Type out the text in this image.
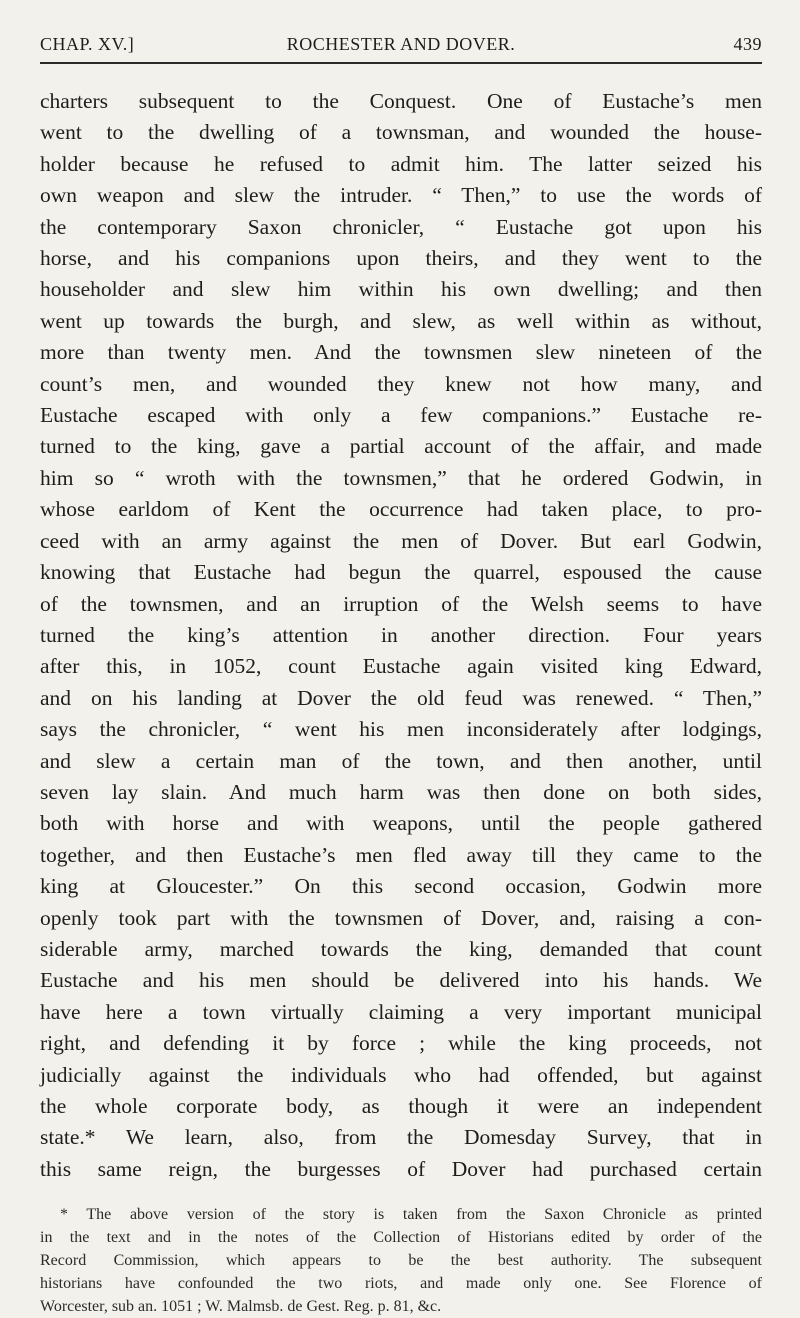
CHAP. XV.]	ROCHESTER AND DOVER.	439
charters subsequent to the Conquest. One of Eustache’s men
went to the dwelling of a townsman, and wounded the house-
holder because he refused to admit him. The latter seized his
own weapon and slew the intruder. “ Then,” to use the words of
the contemporary Saxon chronicler, “ Eustache got upon his
horse, and his companions upon theirs, and they went to the
householder and slew him within his own dwelling; and then
went up towards the burgh, and slew, as well within as without,
more than twenty men. And the townsmen slew nineteen of the
count’s men, and wounded they knew not how many, and
Eustache escaped with only a few companions.” Eustache re-
turned to the king, gave a partial account of the affair, and made
him so “ wroth with the townsmen,” that he ordered Godwin, in
whose earldom of Kent the occurrence had taken place, to pro-
ceed with an army against the men of Dover. But earl Godwin,
knowing that Eustache had begun the quarrel, espoused the cause
of the townsmen, and an irruption of the Welsh seems to have
turned the king’s attention in another direction. Four years
after this, in 1052, count Eustache again visited king Edward,
and on his landing at Dover the old feud was renewed. “ Then,”
says the chronicler, “ went his men inconsiderately after lodgings,
and slew a certain man of the town, and then another, until
seven lay slain. And much harm was then done on both sides,
both with horse and with weapons, until the people gathered
together, and then Eustache’s men fled away till they came to the
king at Gloucester.” On this second occasion, Godwin more
openly took part with the townsmen of Dover, and, raising a con-
siderable army, marched towards the king, demanded that count
Eustache and his men should be delivered into his hands. We
have here a town virtually claiming a very important municipal
right, and defending it by force ; while the king proceeds, not
judicially against the individuals who had offended, but against
the whole corporate body, as though it were an independent
state.* We learn, also, from the Domesday Survey, that in
this same reign, the burgesses of Dover had purchased certain
* The above version of the story is taken from the Saxon Chronicle as printed
in the text and in the notes of the Collection of Historians edited by order of the
Record Commission, which appears to be the best authority. The subsequent
historians have confounded the two riots, and made only one. See Florence of
Worcester, sub an. 1051 ; W. Malmsb. de Gest. Reg. p. 81, &c.
